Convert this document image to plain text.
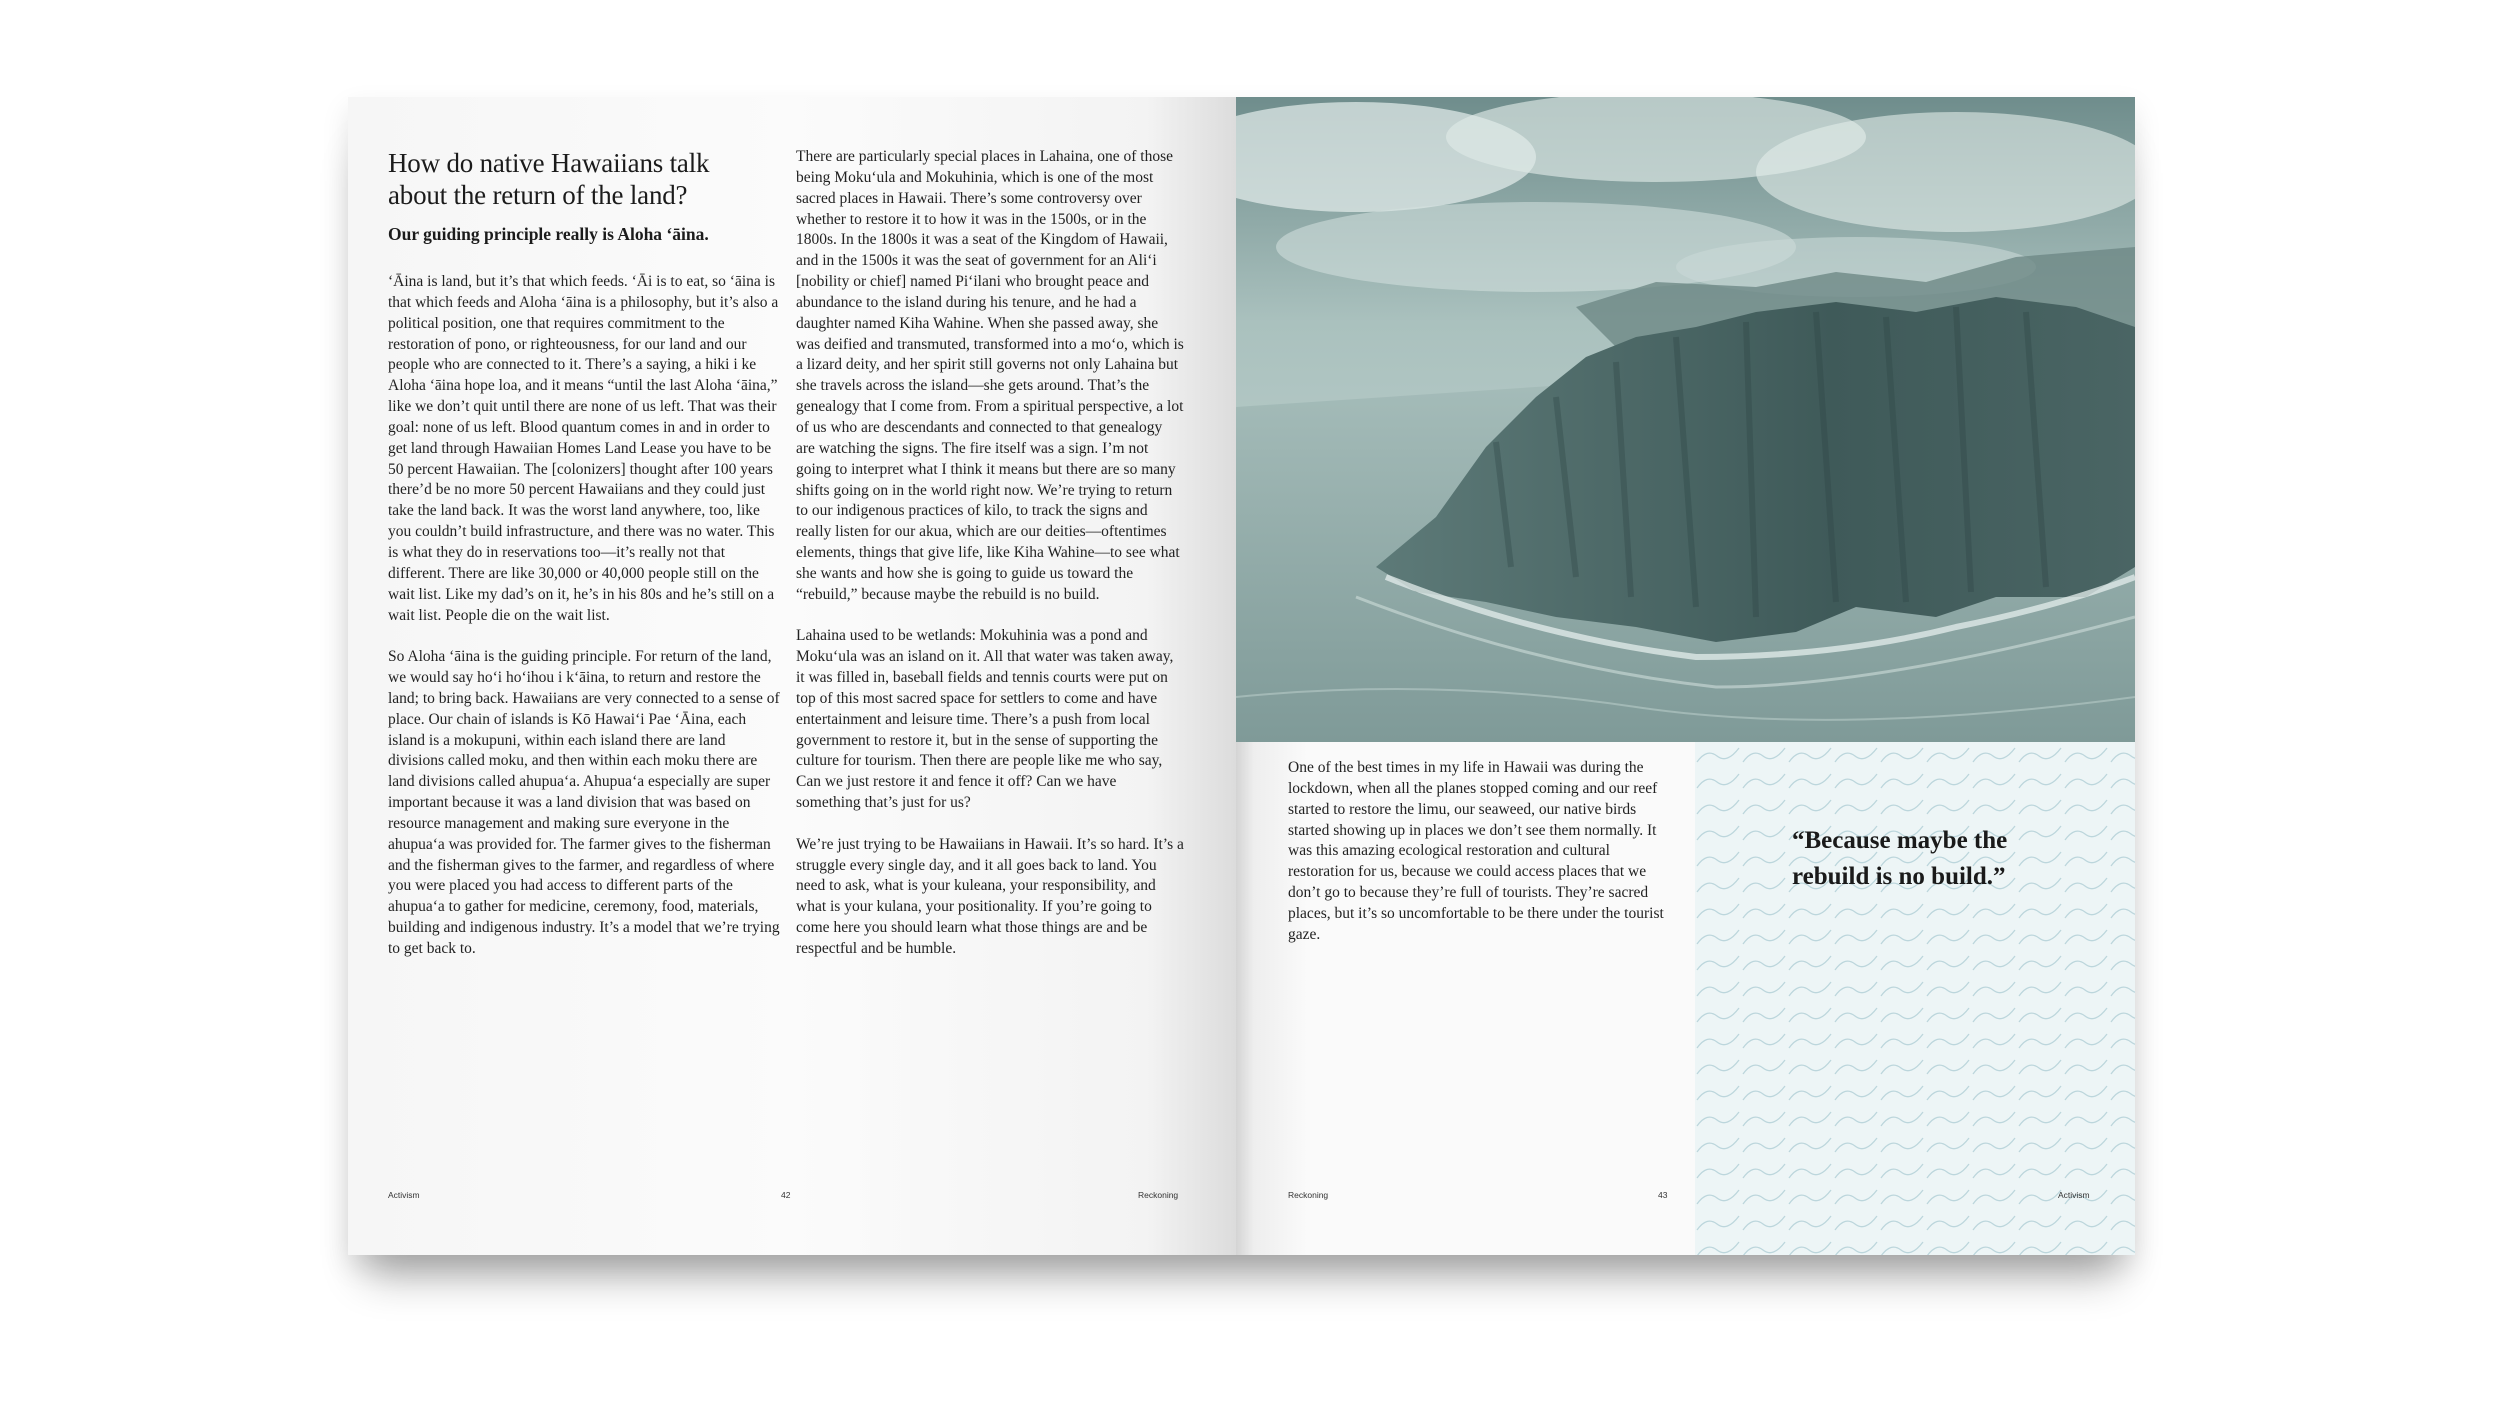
How do native Hawaiians talk about the return of the land?

Our guiding principle really is Aloha ʻāina.

ʻĀina is land, but it’s that which feeds. ʻĀi is to eat, so ʻāina is that which feeds and Aloha ʻāina is a philosophy, but it’s also a political position, one that requires commitment to the restoration of pono, or righteousness, for our land and our people who are connected to it. There’s a saying, a hiki i ke Aloha ʻāina hope loa, and it means “until the last Aloha ʻāina,” like we don’t quit until there are none of us left. That was their goal: none of us left. Blood quantum comes in and in order to get land through Hawaiian Homes Land Lease you have to be 50 percent Hawaiian. The [colonizers] thought after 100 years there’d be no more 50 percent Hawaiians and they could just take the land back. It was the worst land anywhere, too, like you couldn’t build infrastructure, and there was no water. This is what they do in reservations too—it’s really not that different. There are like 30,000 or 40,000 people still on the wait list. Like my dad’s on it, he’s in his 80s and he’s still on a wait list. People die on the wait list.

So Aloha ʻāina is the guiding principle. For return of the land, we would say hoʻi hoʻihou i kʻāina, to return and restore the land; to bring back. Hawaiians are very connected to a sense of place. Our chain of islands is Kō Hawaiʻi Pae ʻĀina, each island is a mokupuni, within each island there are land divisions called moku, and then within each moku there are land divisions called ahupuaʻa. Ahupuaʻa especially are super important because it was a land division that was based on resource management and making sure everyone in the ahupuaʻa was provided for. The farmer gives to the fisherman and the fisherman gives to the farmer, and regardless of where you were placed you had access to different parts of the ahupuaʻa to gather for medicine, ceremony, food, materials, building and indigenous industry. It’s a model that we’re trying to get back to.

There are particularly special places in Lahaina, one of those being Mokuʻula and Mokuhinia, which is one of the most sacred places in Hawaii. There’s some controversy over whether to restore it to how it was in the 1500s, or in the 1800s. In the 1800s it was a seat of the Kingdom of Hawaii, and in the 1500s it was the seat of government for an Aliʻi [nobility or chief] named Piʻilani who brought peace and abundance to the island during his tenure, and he had a daughter named Kiha Wahine. When she passed away, she was deified and transmuted, transformed into a moʻo, which is a lizard deity, and her spirit still governs not only Lahaina but she travels across the island—she gets around. That’s the genealogy that I come from. From a spiritual perspective, a lot of us who are descendants and connected to that genealogy are watching the signs. The fire itself was a sign. I’m not going to interpret what I think it means but there are so many shifts going on in the world right now. We’re trying to return to our indigenous practices of kilo, to track the signs and really listen for our akua, which are our deities—oftentimes elements, things that give life, like Kiha Wahine—to see what she wants and how she is going to guide us toward the “rebuild,” because maybe the rebuild is no build.

Lahaina used to be wetlands: Mokuhinia was a pond and Mokuʻula was an island on it. All that water was taken away, it was filled in, baseball fields and tennis courts were put on top of this most sacred space for settlers to come and have entertainment and leisure time. There’s a push from local government to restore it, but in the sense of supporting the culture for tourism. Then there are people like me who say, Can we just restore it and fence it off? Can we have something that’s just for us?

We’re just trying to be Hawaiians in Hawaii. It’s so hard. It’s a struggle every single day, and it all goes back to land. You need to ask, what is your kuleana, your responsibility, and what is your kulana, your positionality. If you’re going to come here you should learn what those things are and be respectful and be humble.

Activism	42	Reckoning

“Because maybe the rebuild is no build.”

One of the best times in my life in Hawaii was during the lockdown, when all the planes stopped coming and our reef started to restore the limu, our seaweed, our native birds started showing up in places we don’t see them normally. It was this amazing ecological restoration and cultural restoration for us, because we could access places that we don’t go to because they’re full of tourists. They’re sacred places, but it’s so uncomfortable to be there under the tourist gaze.

Reckoning	43	Activism
